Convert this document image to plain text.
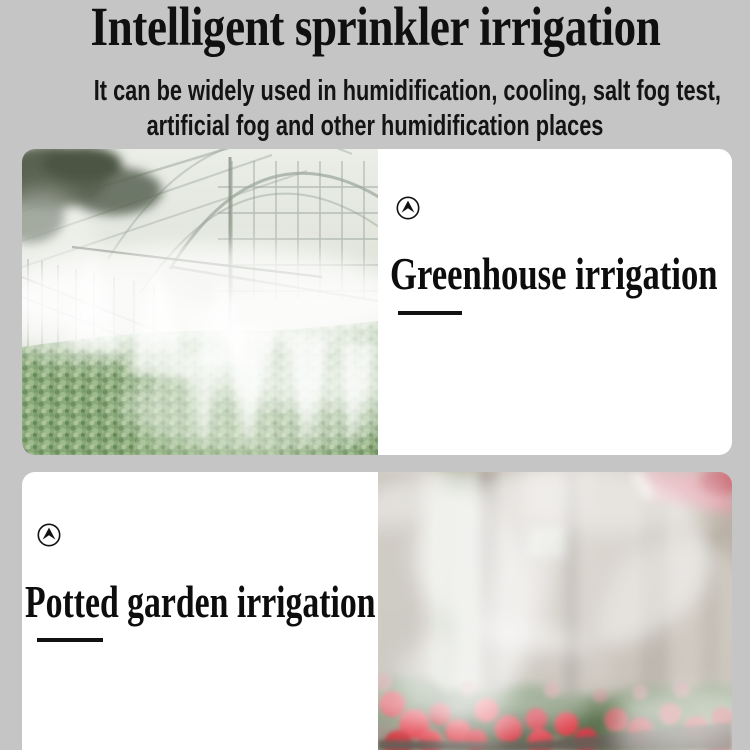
Intelligent sprinkler irrigation
It can be widely used in humidification, cooling, salt fog test,
artificial fog and other humidification places
Greenhouse irrigation
Potted garden irrigation
